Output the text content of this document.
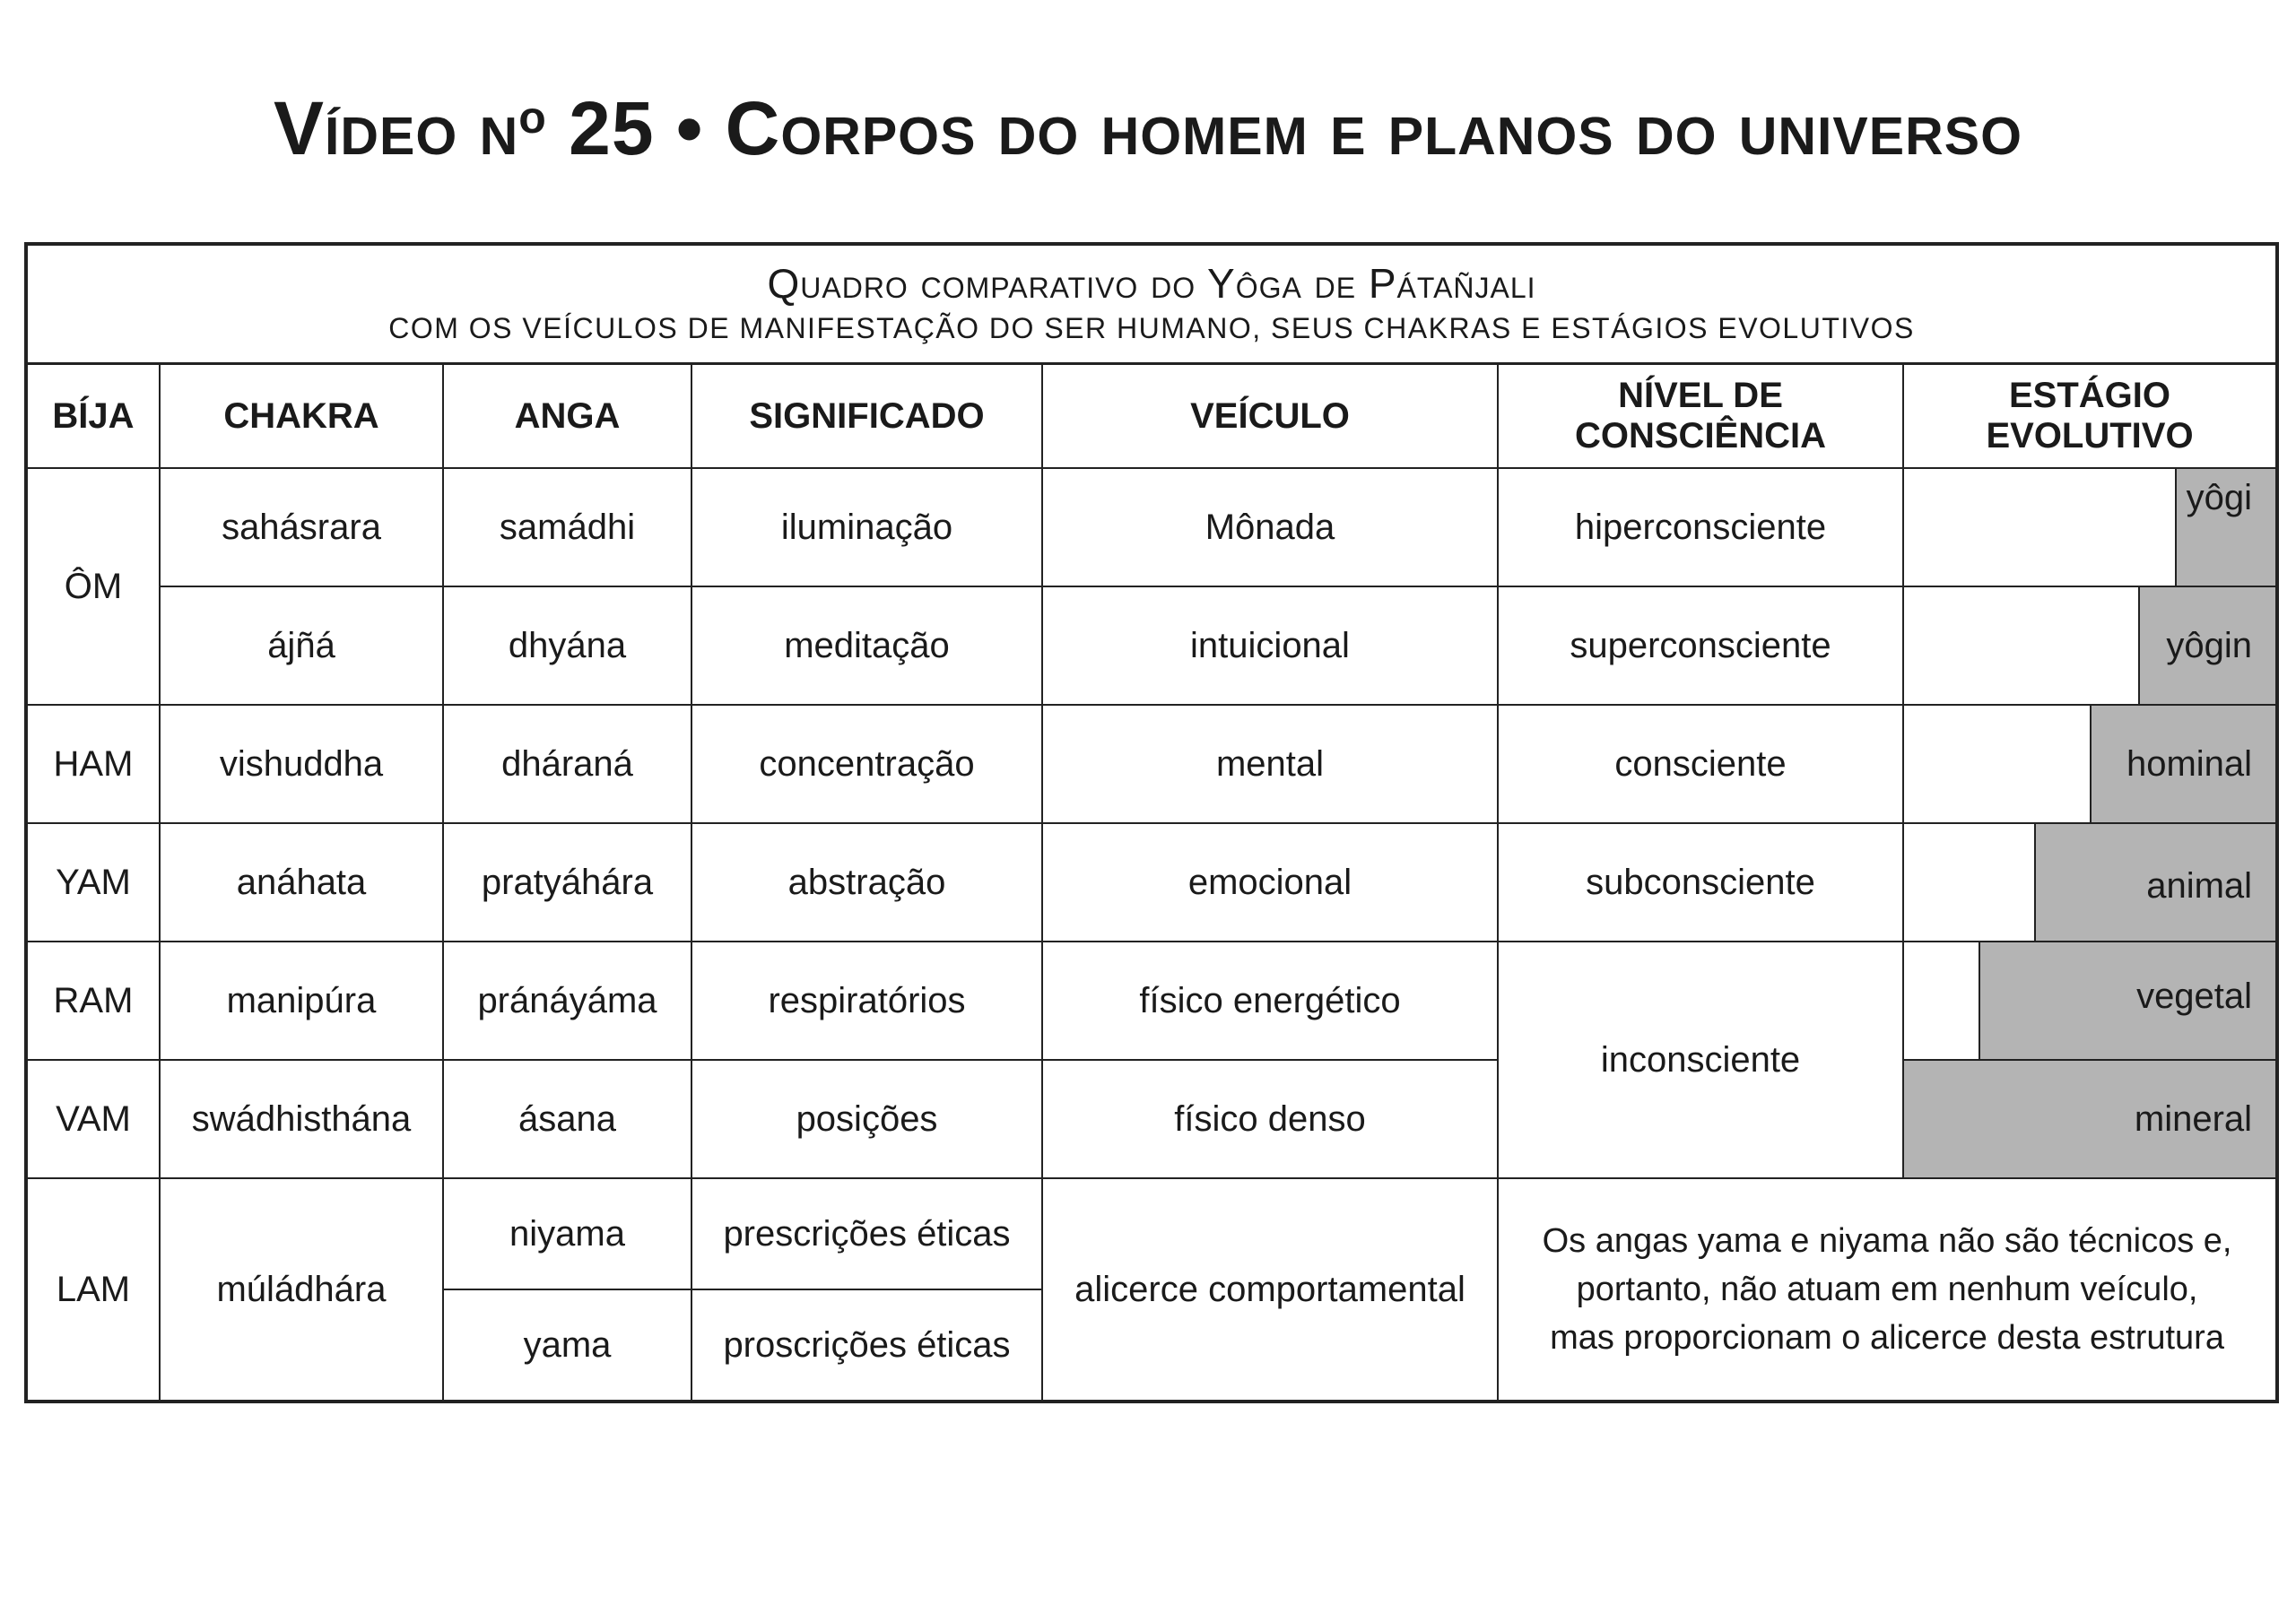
Vídeo $n^o$ 25 • Corpos do homem e planos do universo
Quadro comparativo do Yôga de Pátañjali
COM OS VEÍCULOS DE MANIFESTAÇÃO DO SER HUMANO, SEUS CHAKRAS E ESTÁGIOS EVOLUTIVOS						

BÍJA	CHAKRA	ANGA	SIGNIFICADO	VEÍCULO	NÍVEL DE CONSCIÊNCIA	ESTÁGIO EVOLUTIVO
ÔM	sahásrara	samádhi	iluminação	Mônada	hiperconsciente	yôgi

	ájñá	dhyána	meditação	intuicional	superconsciente	yôgin

HAM	vishuddha	dháraná	concentração	mental	consciente	hominal

YAM	anáhata	pratyáhára	abstração	emocional	subconsciente	animal

RAM	manipúra	pránáyáma	respiratórios	físico energético	inconsciente	vegetal

VAM	swádhisthána	ásana	posições	físico denso		mineral

LAM	múládhára	niyama	prescrições éticas	alicerce comportamental	Os angas yama e niyama não são técnicos e,
portanto, não atuam em nenhum veículo,
mas proporcionam o alicerce desta estrutura	

		yama	proscrições éticas			
